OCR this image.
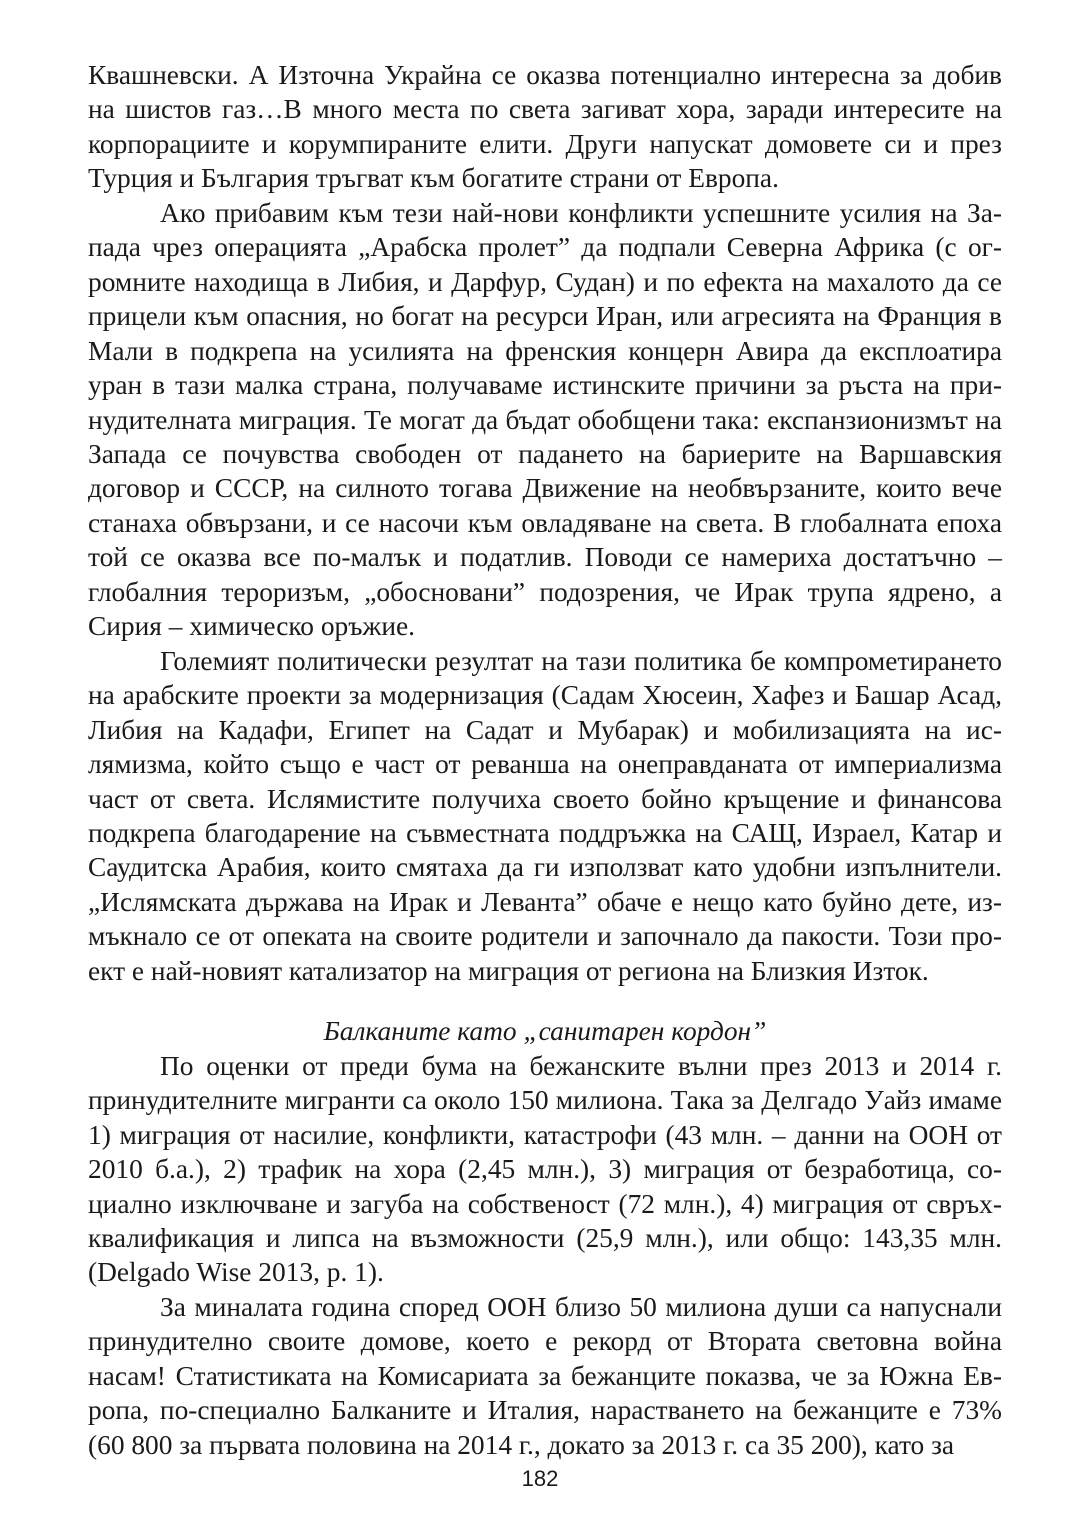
Квашневски. А Източна Украйна се оказва потенциално интересна за добив на шистов газ…В много места по света загиват хора, заради интересите на корпорациите и корумпираните елити. Други напускат домовете си и през Турция и България тръгват към богатите страни от Европа.

Ако прибавим към тези най-нови конфликти успешните усилия на Запада чрез операцията „Арабска пролет” да подпали Северна Африка (с огромните находища в Либия, и Дарфур, Судан) и по ефекта на махалото да се прицели към опасния, но богат на ресурси Иран, или агресията на Франция в Мали в подкрепа на усилията на френския концерн Авира да експлоатира уран в тази малка страна, получаваме истинските причини за ръста на принудителната миграция. Те могат да бъдат обобщени така: експанзионизмът на Запада се почувства свободен от падането на бариерите на Варшавския договор и СССР, на силното тогава Движение на необвързаните, които вече станаха обвързани, и се насочи към овладяване на света. В глобалната епоха той се оказва все по-малък и податлив. Поводи се намериха достатъчно – глобалния тероризъм, „обосновани” подозрения, че Ирак трупа ядрено, а Сирия – химическо оръжие.

Големият политически резултат на тази политика бе компрометирането на арабските проекти за модернизация (Садам Хюсеин, Хафез и Башар Асад, Либия на Кадафи, Египет на Садат и Мубарак) и мобилизацията на ислямизма, който също е част от реванша на онеправданата от империализма част от света. Ислямистите получиха своето бойно кръщение и финансова подкрепа благодарение на съвместната поддръжка на САЩ, Израел, Катар и Саудитска Арабия, които смятаха да ги използват като удобни изпълнители. „Ислямската държава на Ирак и Леванта” обаче е нещо като буйно дете, измъкнало се от опеката на своите родители и започнало да пакости. Този проект е най-новият катализатор на миграция от региона на Близкия Изток.

Балканите като „санитарен кордон”

По оценки от преди бума на бежанските вълни през 2013 и 2014 г. принудителните мигранти са около 150 милиона. Така за Делгадо Уайз имаме 1) миграция от насилие, конфликти, катастрофи (43 млн. – данни на ООН от 2010 б.а.), 2) трафик на хора (2,45 млн.), 3) миграция от безработица, социално изключване и загуба на собственост (72 млн.), 4) миграция от свръхквалификация и липса на възможности (25,9 млн.), или общо: 143,35 млн. (Delgado Wise 2013, p. 1).

За миналата година според ООН близо 50 милиона души са напуснали принудително своите домове, което е рекорд от Втората световна война насам! Статистиката на Комисариата за бежанците показва, че за Южна Европа, по-специално Балканите и Италия, нарастването на бежанците е 73% (60 800 за първата половина на 2014 г., докато за 2013 г. са 35 200), като за

182
